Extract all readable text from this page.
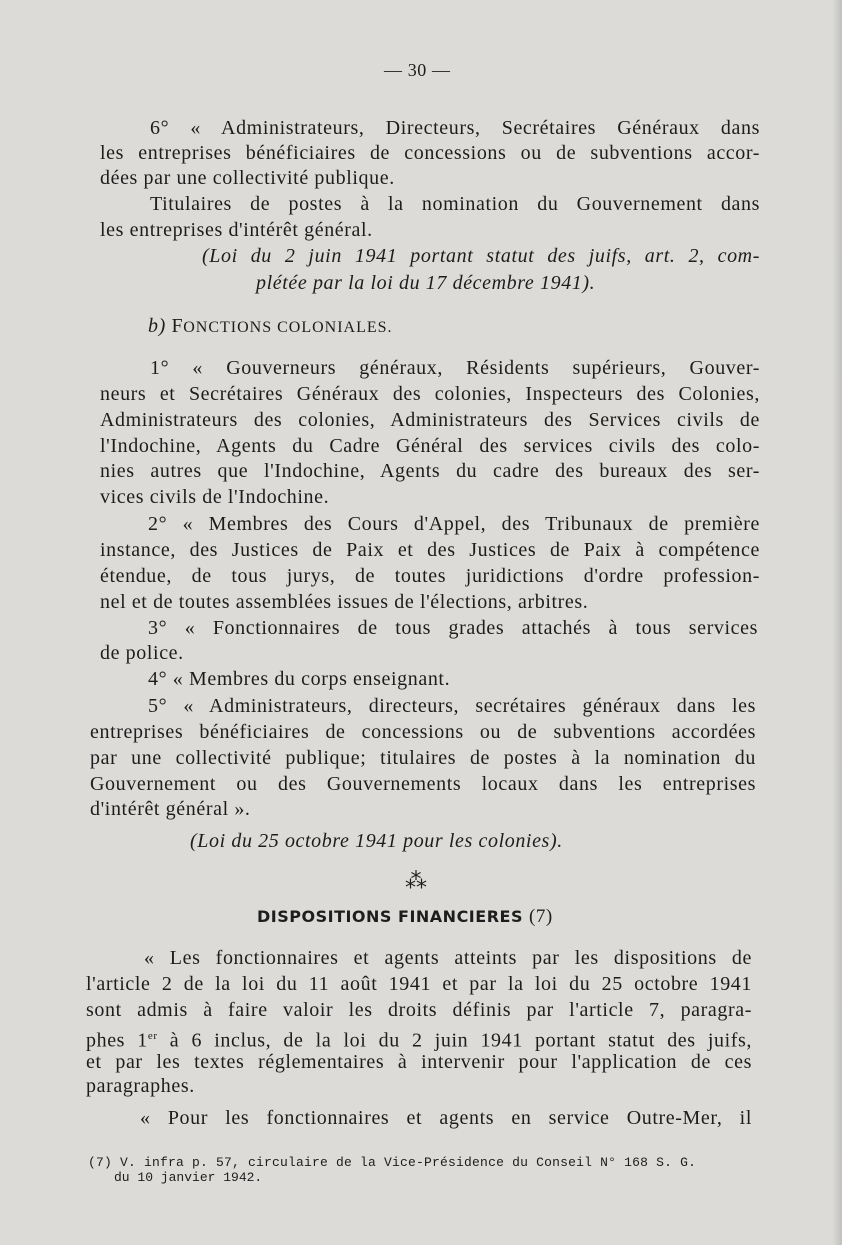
— 30 —
6° « Administrateurs, Directeurs, Secrétaires Généraux dans
les entreprises bénéficiaires de concessions ou de subventions accor-
dées par une collectivité publique.
Titulaires de postes à la nomination du Gouvernement dans
les entreprises d'intérêt général.
(Loi du 2 juin 1941 portant statut des juifs, art. 2, com-
plétée par la loi du 17 décembre 1941).
b) FONCTIONS COLONIALES.
1° « Gouverneurs généraux, Résidents supérieurs, Gouver-
neurs et Secrétaires Généraux des colonies, Inspecteurs des Colonies,
Administrateurs des colonies, Administrateurs des Services civils de
l'Indochine, Agents du Cadre Général des services civils des colo-
nies autres que l'Indochine, Agents du cadre des bureaux des ser-
vices civils de l'Indochine.
2° « Membres des Cours d'Appel, des Tribunaux de première
instance, des Justices de Paix et des Justices de Paix à compétence
étendue, de tous jurys, de toutes juridictions d'ordre profession-
nel et de toutes assemblées issues de l'élections, arbitres.
3° « Fonctionnaires de tous grades attachés à tous services
de police.
4° « Membres du corps enseignant.
5° « Administrateurs, directeurs, secrétaires généraux dans les
entreprises bénéficiaires de concessions ou de subventions accordées
par une collectivité publique; titulaires de postes à la nomination du
Gouvernement ou des Gouvernements locaux dans les entreprises
d'intérêt général ».
(Loi du 25 octobre 1941 pour les colonies).
⁂
DISPOSITIONS FINANCIERES (7)
« Les fonctionnaires et agents atteints par les dispositions de
l'article 2 de la loi du 11 août 1941 et par la loi du 25 octobre 1941
sont admis à faire valoir les droits définis par l'article 7, paragra-
phes 1er à 6 inclus, de la loi du 2 juin 1941 portant statut des juifs,
et par les textes réglementaires à intervenir pour l'application de ces
paragraphes.
« Pour les fonctionnaires et agents en service Outre-Mer, il
(7) V. infra p. 57, circulaire de la Vice-Présidence du Conseil N° 168 S. G.
du 10 janvier 1942.
